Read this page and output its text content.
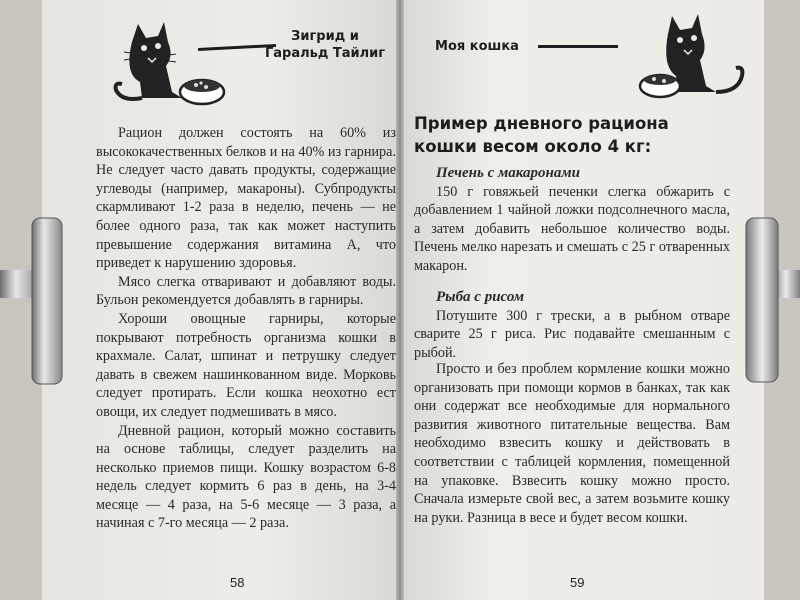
Зигрид и
Гаральд Тайлиг

Рацион должен состоять на 60% из высококачественных белков и на 40% из гарнира. Не следует часто давать продукты, содержащие углеводы (например, макароны). Субпродукты скармливают 1-2 раза в неделю, печень — не более одного раза, так как может наступить превышение содержания витамина А, что приведет к нарушению здоровья.

Мясо слегка отваривают и добавляют воды. Бульон рекомендуется добавлять в гарниры.

Хороши овощные гарниры, которые покрывают потребность организма кошки в крахмале. Салат, шпинат и петрушку следует давать в свежем нашинкованном виде. Морковь следует протирать. Если кошка неохотно ест овощи, их следует подмешивать в мясо.

Дневной рацион, который можно составить на основе таблицы, следует разделить на несколько приемов пищи. Кошку возрастом 6-8 недель следует кормить 6 раз в день, на 3-4 месяце — 4 раза, на 5-6 месяце — 3 раза, а начиная с 7-го месяца — 2 раза.

58
Моя кошка
Пример дневного рациона кошки весом около 4 кг:

Печень с макаронами

150 г говяжьей печенки слегка обжарить с добавлением 1 чайной ложки подсолнечного масла, а затем добавить небольшое количество воды. Печень мелко нарезать и смешать с 25 г отваренных макарон.

Рыба с рисом

Потушите 300 г трески, а в рыбном отваре сварите 25 г риса. Рис подавайте смешанным с рыбой.

Просто и без проблем кормление кошки можно организовать при помощи кормов в банках, так как они содержат все необходимые для нормального развития животного питательные вещества. Вам необходимо взвесить кошку и действовать в соответствии с таблицей кормления, помещенной на упаковке. Взвесить кошку можно просто. Сначала измерьте свой вес, а затем возьмите кошку на руки. Разница в весе и будет весом кошки.

59
